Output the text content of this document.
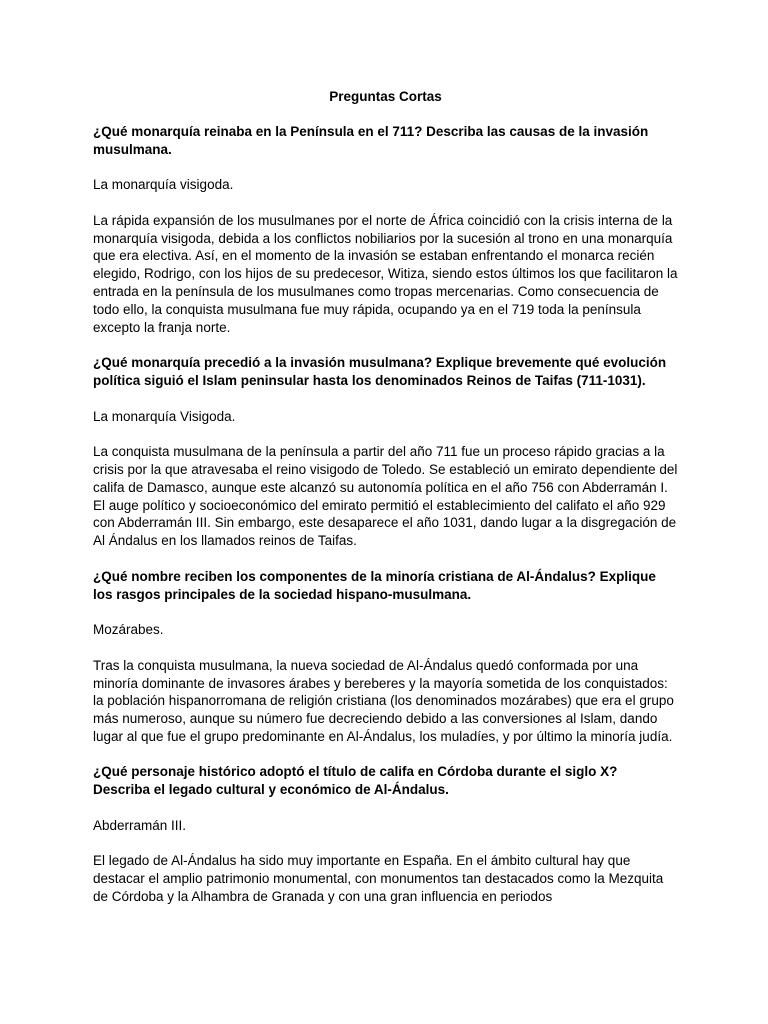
Preguntas Cortas

¿Qué monarquía reinaba en la Península en el 711? Describa las causas de la invasión musulmana.

La monarquía visigoda.

La rápida expansión de los musulmanes por el norte de África coincidió con la crisis interna de la monarquía visigoda, debida a los conflictos nobiliarios por la sucesión al trono en una monarquía que era electiva. Así, en el momento de la invasión se estaban enfrentando el monarca recién elegido, Rodrigo, con los hijos de su predecesor, Witiza, siendo estos últimos los que facilitaron la entrada en la península de los musulmanes como tropas mercenarias. Como consecuencia de todo ello, la conquista musulmana fue muy rápida, ocupando ya en el 719 toda la península excepto la franja norte.

¿Qué monarquía precedió a la invasión musulmana? Explique brevemente qué evolución política siguió el Islam peninsular hasta los denominados Reinos de Taifas (711-1031).

La monarquía Visigoda.

La conquista musulmana de la península a partir del año 711 fue un proceso rápido gracias a la crisis por la que atravesaba el reino visigodo de Toledo. Se estableció un emirato dependiente del califa de Damasco, aunque este alcanzó su autonomía política en el año 756 con Abderramán I. El auge político y socioeconómico del emirato permitió el establecimiento del califato el año 929 con Abderramán III. Sin embargo, este desaparece el año 1031, dando lugar a la disgregación de Al Ándalus en los llamados reinos de Taifas.

¿Qué nombre reciben los componentes de la minoría cristiana de Al-Ándalus? Explique los rasgos principales de la sociedad hispano-musulmana.

Mozárabes.

Tras la conquista musulmana, la nueva sociedad de Al-Ándalus quedó conformada por una minoría dominante de invasores árabes y bereberes y la mayoría sometida de los conquistados: la población hispanorromana de religión cristiana (los denominados mozárabes) que era el grupo más numeroso, aunque su número fue decreciendo debido a las conversiones al Islam, dando lugar al que fue el grupo predominante en Al-Ándalus, los muladíes, y por último la minoría judía.

¿Qué personaje histórico adoptó el título de califa en Córdoba durante el siglo X? Describa el legado cultural y económico de Al-Ándalus.

Abderramán III.

El legado de Al-Ándalus ha sido muy importante en España. En el ámbito cultural hay que destacar el amplio patrimonio monumental, con monumentos tan destacados como la Mezquita de Córdoba y la Alhambra de Granada y con una gran influencia en periodos
